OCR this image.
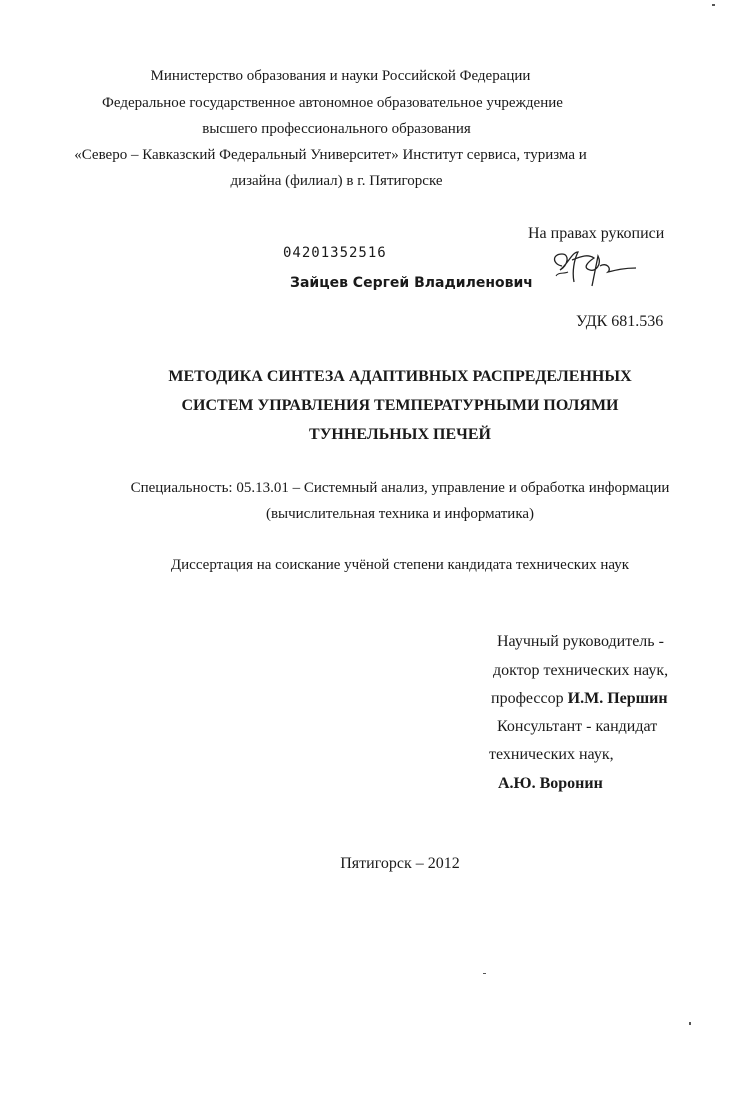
Министерство образования и науки Российской Федерации
Федеральное государственное автономное образовательное учреждение
высшего профессионального образования
«Северо – Кавказский Федеральный Университет» Институт сервиса, туризма и
дизайна (филиал) в г. Пятигорске
На правах рукописи
04201352516
Зайцев Сергей Владиленович
УДК 681.536
МЕТОДИКА СИНТЕЗА АДАПТИВНЫХ РАСПРЕДЕЛЕННЫХ
СИСТЕМ УПРАВЛЕНИЯ ТЕМПЕРАТУРНЫМИ ПОЛЯМИ
ТУННЕЛЬНЫХ ПЕЧЕЙ
Специальность: 05.13.01 – Системный анализ, управление и обработка информации
(вычислительная техника и информатика)
Диссертация на соискание учёной степени кандидата технических наук
Научный руководитель -
доктор технических наук,
профессор И.М. Першин
Консультант - кандидат
технических наук,
А.Ю. Воронин
Пятигорск – 2012
